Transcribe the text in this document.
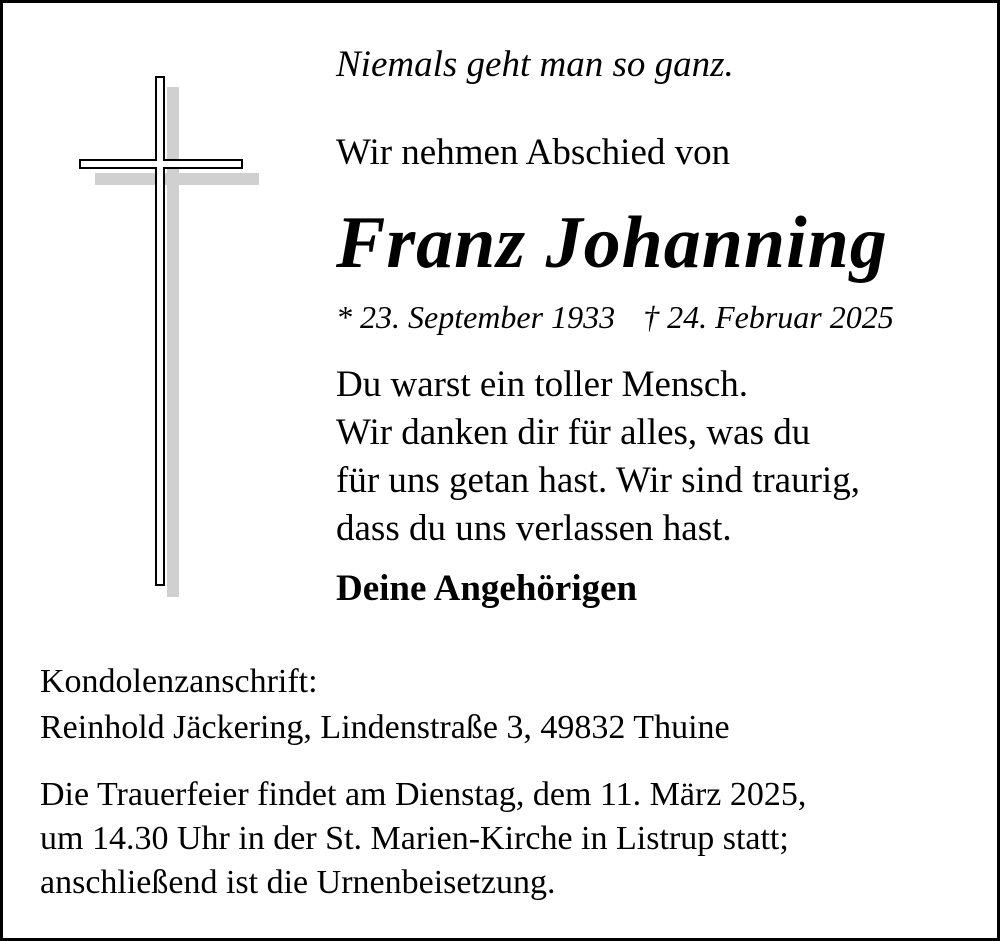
Niemals geht man so ganz.
Wir nehmen Abschied von
Franz Johanning
* 23. September 1933 † 24. Februar 2025
Du warst ein toller Mensch.
Wir danken dir für alles, was du
für uns getan hast. Wir sind traurig,
dass du uns verlassen hast.
Deine Angehörigen
Kondolenzanschrift:
Reinhold Jäckering, Lindenstraße 3, 49832 Thuine
Die Trauerfeier findet am Dienstag, dem 11. März 2025,
um 14.30 Uhr in der St. Marien-Kirche in Listrup statt;
anschließend ist die Urnenbeisetzung.
